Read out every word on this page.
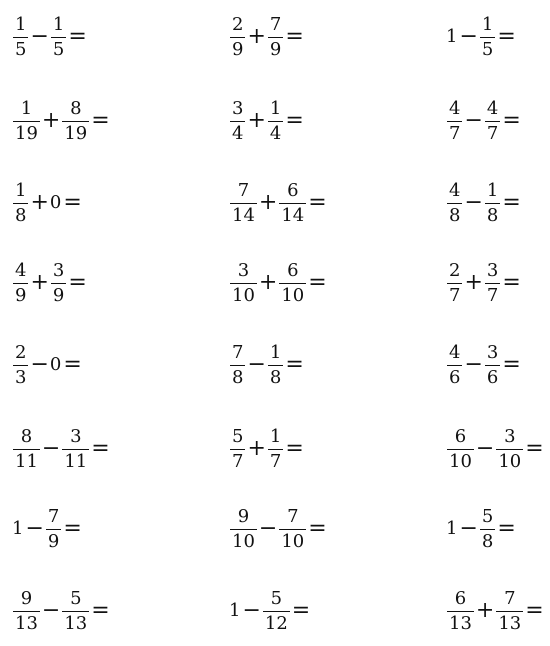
$\frac{1}{5} - \frac{1}{5}$ =	$\frac{2}{9} + \frac{7}{9}$ =	$1 - \frac{1}{5}$ =
$\frac{1}{19} + \frac{8}{19}$ =	$\frac{3}{4} + \frac{1}{4}$ =	$\frac{4}{7} - \frac{4}{7}$ =
$\frac{1}{8} + 0$ =	$\frac{7}{14} + \frac{6}{14}$ =	$\frac{4}{8} - \frac{1}{8}$ =
$\frac{4}{9} + \frac{3}{9}$ =	$\frac{3}{10} + \frac{6}{10}$ =	$\frac{2}{7} + \frac{3}{7}$ =
$\frac{2}{3} - 0$ =	$\frac{7}{8} - \frac{1}{8}$ =	$\frac{4}{6} - \frac{3}{6}$ =
$\frac{8}{11} - \frac{3}{11}$ =	$\frac{5}{7} + \frac{1}{7}$ =	$\frac{6}{10} - \frac{3}{10}$ =
$1 - \frac{7}{9}$ =	$\frac{9}{10} - \frac{7}{10}$ =	$1 - \frac{5}{8}$ =
$\frac{9}{13} - \frac{5}{13}$ =	$1 - \frac{5}{12}$ =	$\frac{6}{13} + \frac{7}{13}$ =
